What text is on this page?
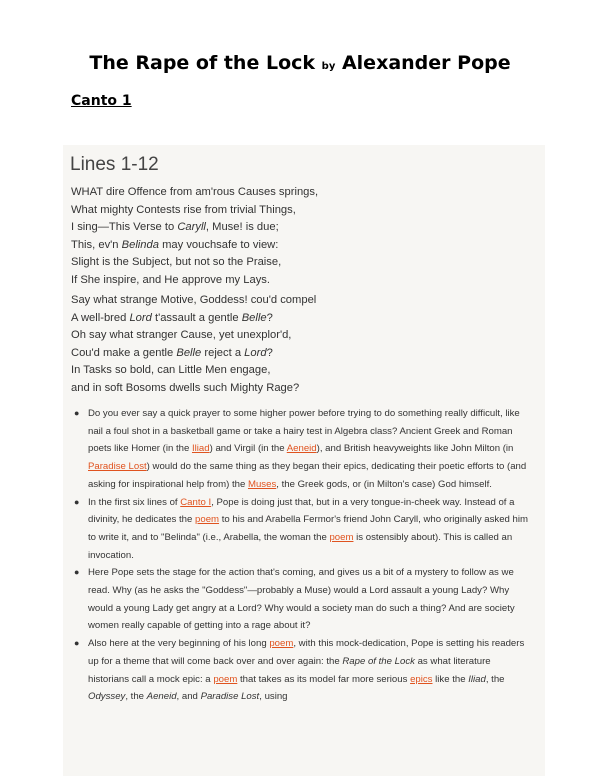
The Rape of the Lock by Alexander Pope
Canto 1
Lines 1-12
WHAT dire Offence from am'rous Causes springs,
What mighty Contests rise from trivial Things,
I sing—This Verse to Caryll, Muse! is due;
This, ev'n Belinda may vouchsafe to view:
Slight is the Subject, but not so the Praise,
If She inspire, and He approve my Lays.
Say what strange Motive, Goddess! cou'd compel
A well-bred Lord t'assault a gentle Belle?
Oh say what stranger Cause, yet unexplor'd,
Cou'd make a gentle Belle reject a Lord?
In Tasks so bold, can Little Men engage,
and in soft Bosoms dwells such Mighty Rage?
● Do you ever say a quick prayer to some higher power before trying to do something really difficult, like nail a foul shot in a basketball game or take a hairy test in Algebra class? Ancient Greek and Roman poets like Homer (in the Iliad) and Virgil (in the Aeneid), and British heavyweights like John Milton (in Paradise Lost) would do the same thing as they began their epics, dedicating their poetic efforts to (and asking for inspirational help from) the Muses, the Greek gods, or (in Milton's case) God himself.
● In the first six lines of Canto I, Pope is doing just that, but in a very tongue-in-cheek way. Instead of a divinity, he dedicates the poem to his and Arabella Fermor's friend John Caryll, who originally asked him to write it, and to "Belinda" (i.e., Arabella, the woman the poem is ostensibly about). This is called an invocation.
● Here Pope sets the stage for the action that's coming, and gives us a bit of a mystery to follow as we read. Why (as he asks the "Goddess"—probably a Muse) would a Lord assault a young Lady? Why would a young Lady get angry at a Lord? Why would a society man do such a thing? And are society women really capable of getting into a rage about it?
● Also here at the very beginning of his long poem, with this mock-dedication, Pope is setting his readers up for a theme that will come back over and over again: the Rape of the Lock as what literature historians call a mock epic: a poem that takes as its model far more serious epics like the Iliad, the Odyssey, the Aeneid, and Paradise Lost, using
